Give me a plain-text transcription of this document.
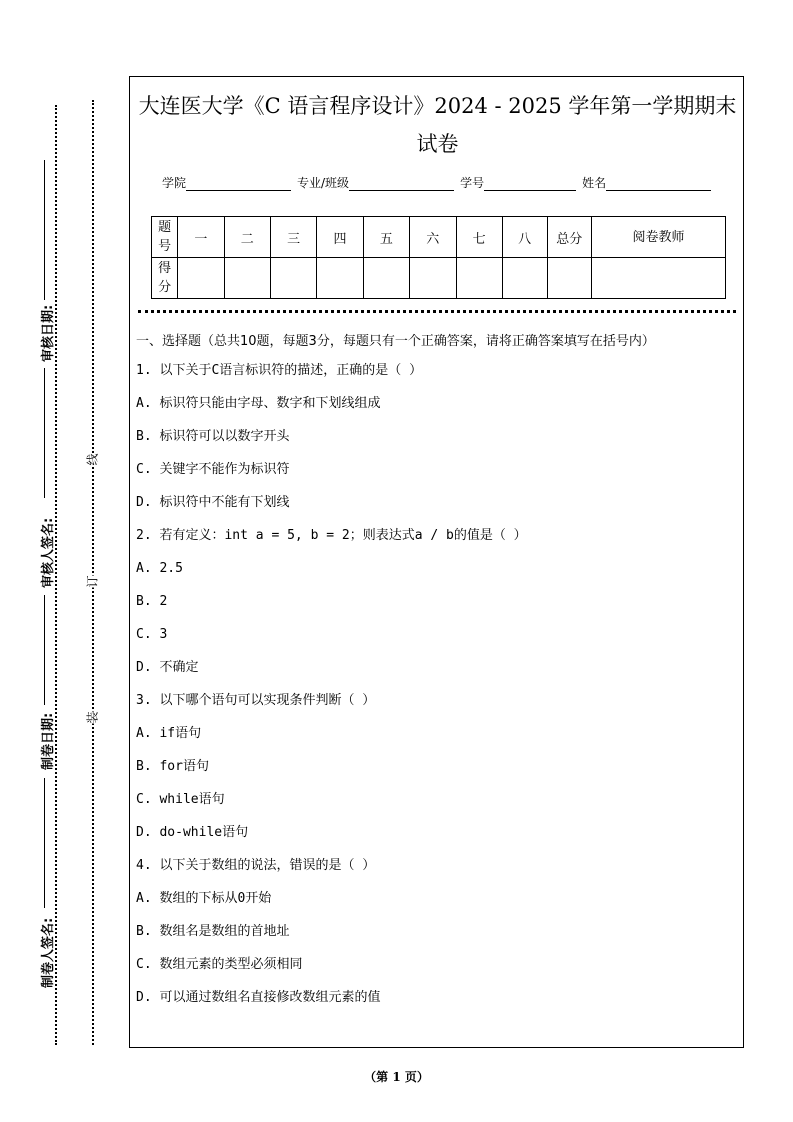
审核日期:
审核人签名:
制卷日期:
制卷人签名:
线
订
装
大连医大学《C 语言程序设计》2024 - 2025 学年第一学期期末试卷
学院	专业/班级	学号	姓名
题号	一	二	三	四	五	六	七	八	总分	阅卷教师
得分										
一、选择题（总共10题，每题3分，每题只有一个正确答案，请将正确答案填写在括号内）
1. 以下关于C语言标识符的描述，正确的是（ ）
A. 标识符只能由字母、数字和下划线组成
B. 标识符可以以数字开头
C. 关键字不能作为标识符
D. 标识符中不能有下划线
2. 若有定义：int a = 5, b = 2；则表达式a / b的值是（ ）
A. 2.5
B. 2
C. 3
D. 不确定
3. 以下哪个语句可以实现条件判断（ ）
A. if语句
B. for语句
C. while语句
D. do-while语句
4. 以下关于数组的说法，错误的是（ ）
A. 数组的下标从0开始
B. 数组名是数组的首地址
C. 数组元素的类型必须相同
D. 可以通过数组名直接修改数组元素的值
（第 1 页）
